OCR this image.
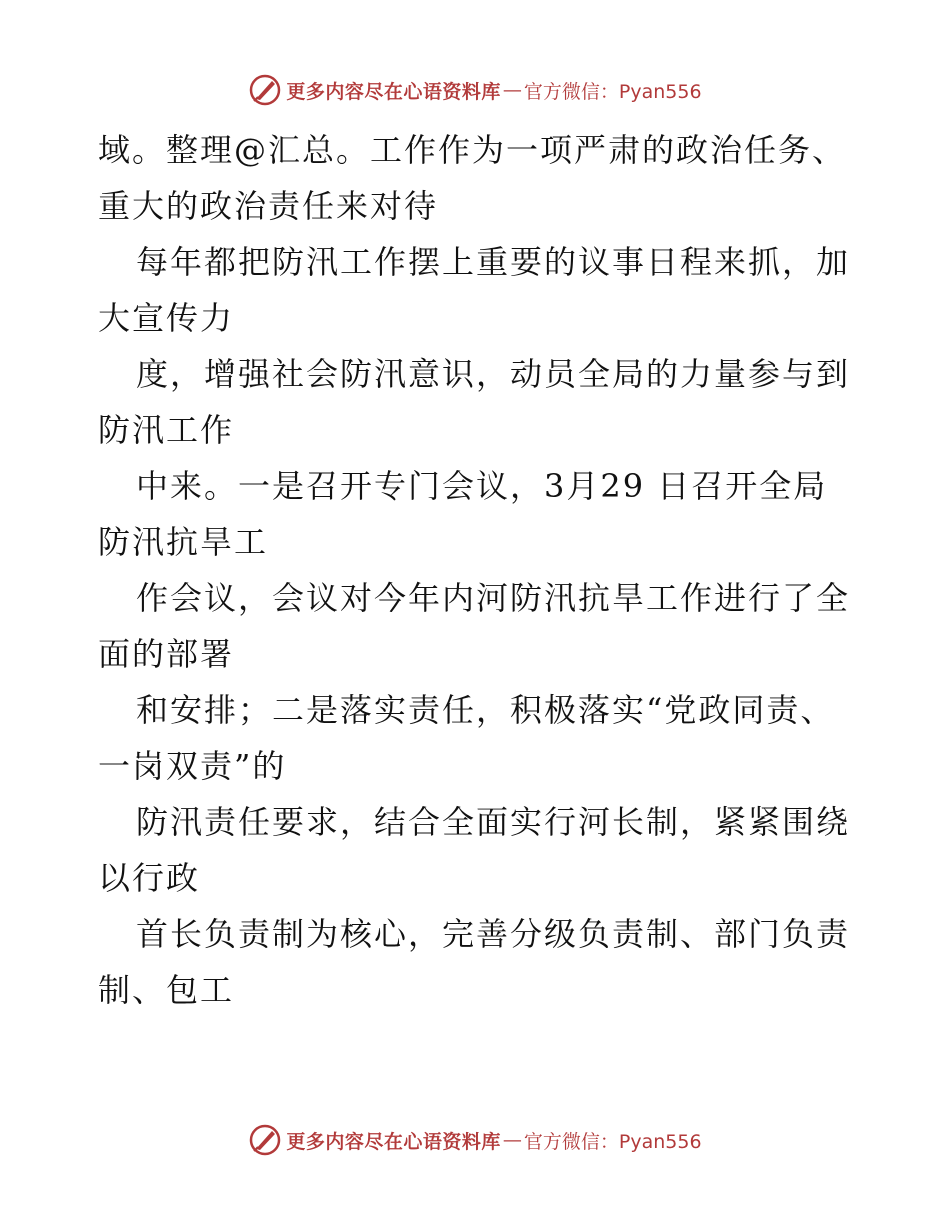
更多内容尽在心语资料库 — 官方微信：Pyan556
域。整理@汇总。工作作为一项严肃的政治任务、
重大的政治责任来对待
每年都把防汛工作摆上重要的议事日程来抓，加
大宣传力
度，增强社会防汛意识，动员全局的力量参与到
防汛工作
中来。一是召开专门会议，3月29 日召开全局
防汛抗旱工
作会议，会议对今年内河防汛抗旱工作进行了全
面的部署
和安排；二是落实责任，积极落实“党政同责、
一岗双责”的
防汛责任要求，结合全面实行河长制，紧紧围绕
以行政
首长负责制为核心，完善分级负责制、部门负责
制、包工
更多内容尽在心语资料库 — 官方微信：Pyan556
